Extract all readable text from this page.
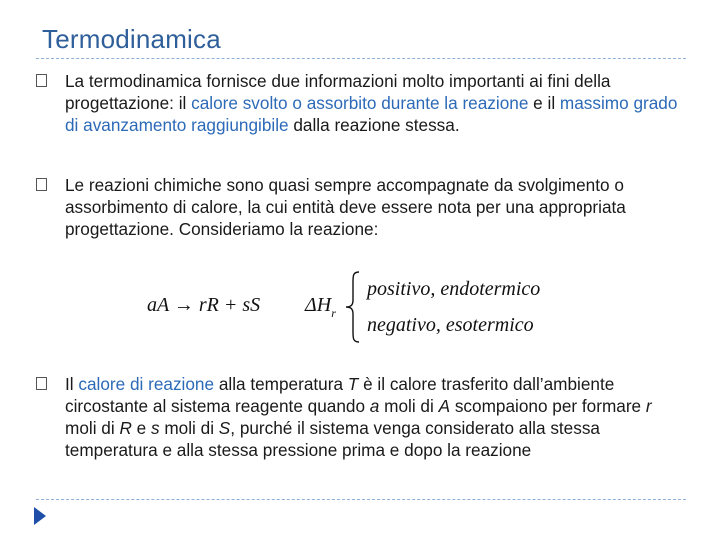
Termodinamica
La termodinamica fornisce due informazioni molto importanti ai fini della progettazione: il calore svolto o assorbito durante la reazione e il massimo grado di avanzamento raggiungibile dalla reazione stessa.
Le reazioni chimiche sono quasi sempre accompagnate da svolgimento o assorbimento di calore, la cui entità deve essere nota per una appropriata progettazione. Consideriamo la reazione:
aA → rR + sS $\Delta H_r$
positivo, endotermico
negativo, esotermico
Il calore di reazione alla temperatura T è il calore trasferito dall’ambiente circostante al sistema reagente quando a moli di A scompaiono per formare r moli di R e s moli di S, purché il sistema venga considerato alla stessa temperatura e alla stessa pressione prima e dopo la reazione
